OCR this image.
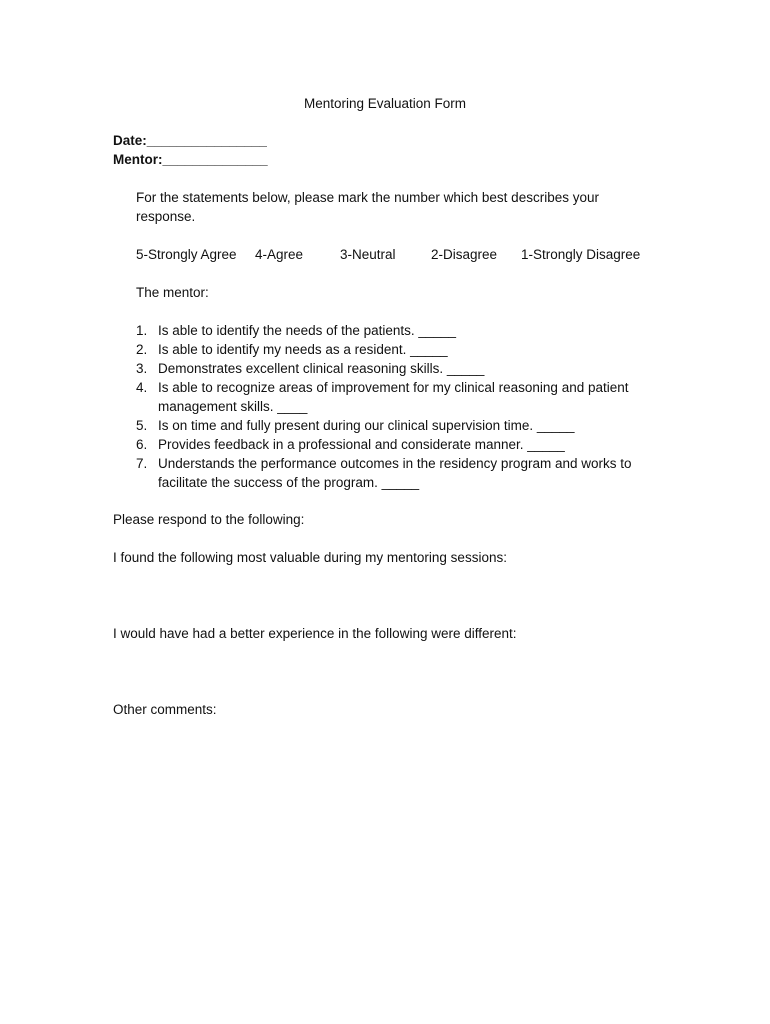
Mentoring Evaluation Form
Date:________________
Mentor:______________
For the statements below, please mark the number which best describes your
response.
5-Strongly Agree 4-Agree	3-Neutral	2-Disagree 1-Strongly Disagree
The mentor:
1. Is able to identify the needs of the patients. _____
2. Is able to identify my needs as a resident. _____
3. Demonstrates excellent clinical reasoning skills. _____
4. Is able to recognize areas of improvement for my clinical reasoning and patient management skills. ____
5. Is on time and fully present during our clinical supervision time. _____
6. Provides feedback in a professional and considerate manner. _____
7. Understands the performance outcomes in the residency program and works to facilitate the success of the program. _____
Please respond to the following:
I found the following most valuable during my mentoring sessions:
I would have had a better experience in the following were different:
Other comments:
